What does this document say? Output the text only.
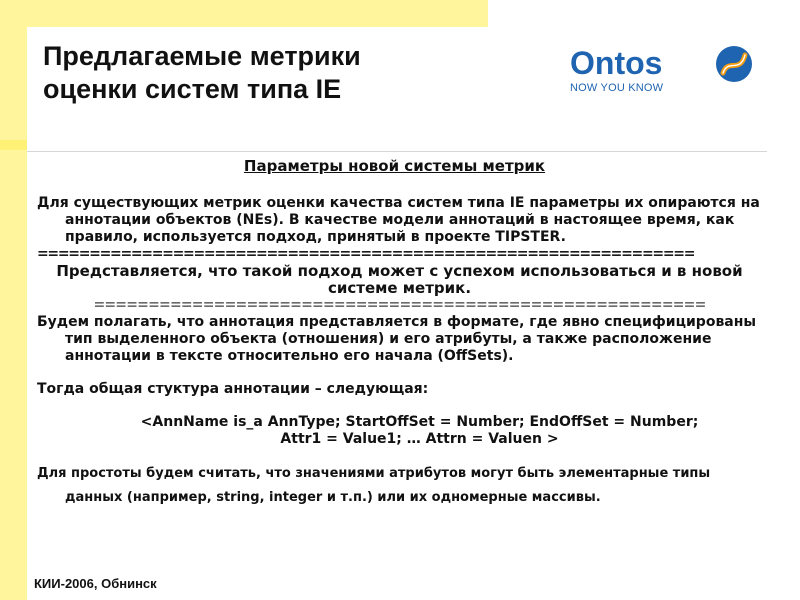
Предлагаемые метрики
оценки систем типа IE
Ontos
NOW YOU KNOW
Параметры новой системы метрик
Для существующих метрик оценки качества систем типа IE параметры их опираются на аннотации объектов (NEs). В качестве модели аннотаций в настоящее время, как правило, используется подход, принятый в проекте TIPSTER.
===============================================================
Представляется, что такой подход может с успехом использоваться и в новой системе метрик.
========================================================
Будем полагать, что аннотация представляется в формате, где явно специфицированы тип выделенного объекта (отношения) и его атрибуты, а также расположение аннотации в тексте относительно его начала (OffSets).
Тогда общая стуктура аннотации – следующая:
<AnnName is_a AnnType; StartOffSet = Number; EndOffSet = Number;
Attr1 = Value1; … Attrn = Valuen >
Для простоты будем считать, что значениями атрибутов могут быть элементарные типы данных (например, string, integer и т.п.) или их одномерные массивы.
КИИ-2006, Обнинск
